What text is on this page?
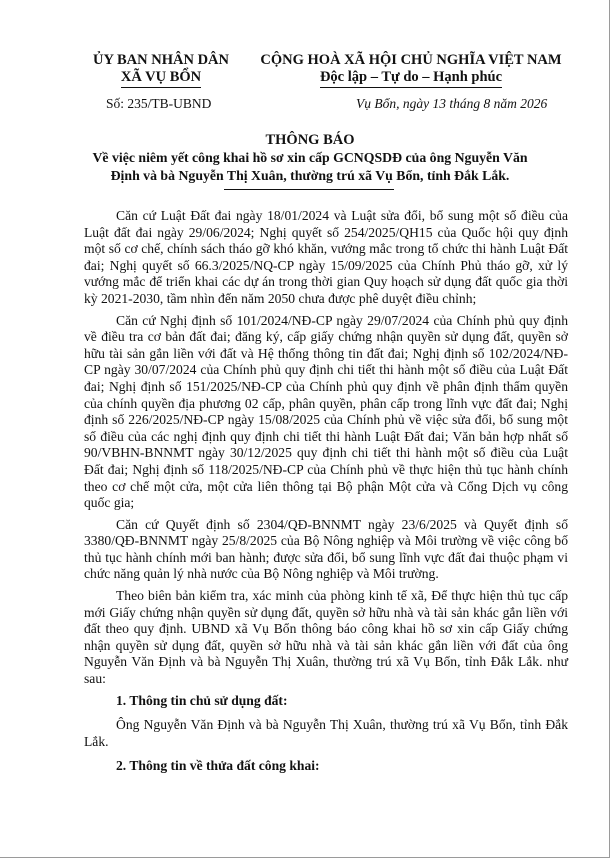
ỦY BAN NHÂN DÂN
XÃ VỤ BỔN
CỘNG HOÀ XÃ HỘI CHỦ NGHĨA VIỆT NAM
Độc lập – Tự do – Hạnh phúc
Số: 235/TB-UBND	Vụ Bổn, ngày 13 tháng 8 năm 2026
THÔNG BÁO
Về việc niêm yết công khai hồ sơ xin cấp GCNQSDĐ của ông Nguyễn Văn Định và bà Nguyễn Thị Xuân, thường trú xã Vụ Bổn, tỉnh Đắk Lắk.

Căn cứ Luật Đất đai ngày 18/01/2024 và Luật sửa đổi, bổ sung một số điều của Luật đất đai ngày 29/06/2024; Nghị quyết số 254/2025/QH15 của Quốc hội quy định một số cơ chế, chính sách tháo gỡ khó khăn, vướng mắc trong tổ chức thi hành Luật Đất đai; Nghị quyết số 66.3/2025/NQ-CP ngày 15/09/2025 của Chính Phủ tháo gỡ, xử lý vướng mắc để triển khai các dự án trong thời gian Quy hoạch sử dụng đất quốc gia thời kỳ 2021-2030, tầm nhìn đến năm 2050 chưa được phê duyệt điều chỉnh;

Căn cứ Nghị định số 101/2024/NĐ-CP ngày 29/07/2024 của Chính phủ quy định về điều tra cơ bản đất đai; đăng ký, cấp giấy chứng nhận quyền sử dụng đất, quyền sở hữu tài sản gắn liền với đất và Hệ thống thông tin đất đai; Nghị định số 102/2024/NĐ-CP ngày 30/07/2024 của Chính phủ quy định chi tiết thi hành một số điều của Luật Đất đai; Nghị định số 151/2025/NĐ-CP của Chính phủ quy định về phân định thẩm quyền của chính quyền địa phương 02 cấp, phân quyền, phân cấp trong lĩnh vực đất đai; Nghị định số 226/2025/NĐ-CP ngày 15/08/2025 của Chính phủ về việc sửa đổi, bổ sung một số điều của các nghị định quy định chi tiết thi hành Luật Đất đai; Văn bản hợp nhất số 90/VBHN-BNNMT ngày 30/12/2025 quy định chi tiết thi hành một số điều của Luật Đất đai; Nghị định số 118/2025/NĐ-CP của Chính phủ về thực hiện thủ tục hành chính theo cơ chế một cửa, một cửa liên thông tại Bộ phận Một cửa và Cổng Dịch vụ công quốc gia;

Căn cứ Quyết định số 2304/QĐ-BNNMT ngày 23/6/2025 và Quyết định số 3380/QĐ-BNNMT ngày 25/8/2025 của Bộ Nông nghiệp và Môi trường về việc công bố thủ tục hành chính mới ban hành; được sửa đổi, bổ sung lĩnh vực đất đai thuộc phạm vi chức năng quản lý nhà nước của Bộ Nông nghiệp và Môi trường.

Theo biên bản kiểm tra, xác minh của phòng kinh tế xã, Để thực hiện thủ tục cấp mới Giấy chứng nhận quyền sử dụng đất, quyền sở hữu nhà và tài sản khác gắn liền với đất theo quy định. UBND xã Vụ Bổn thông báo công khai hồ sơ xin cấp Giấy chứng nhận quyền sử dụng đất, quyền sở hữu nhà và tài sản khác gắn liền với đất của ông Nguyễn Văn Định và bà Nguyễn Thị Xuân, thường trú xã Vụ Bổn, tỉnh Đắk Lắk. như sau:

1. Thông tin chủ sử dụng đất:

Ông Nguyễn Văn Định và bà Nguyễn Thị Xuân, thường trú xã Vụ Bổn, tỉnh Đắk Lắk.

2. Thông tin về thửa đất công khai:
